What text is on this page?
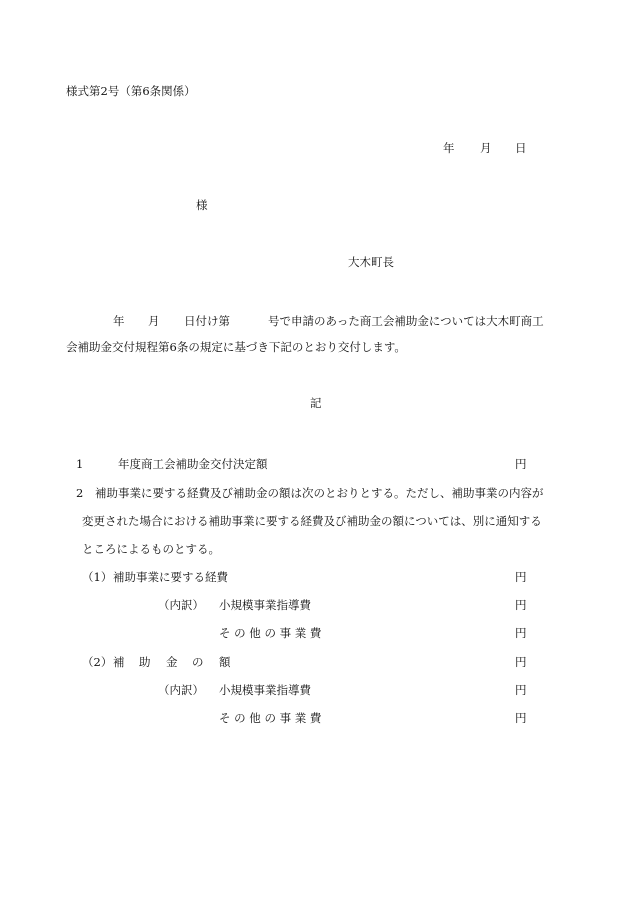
様式第2号（第6条関係）
年 月 日
様
大木町長
年 月 日付け第	号で申請のあった商工会補助金については大木町商工
会補助金交付規程第6条の規定に基づき下記のとおり交付します。
記
1	年度商工会補助金交付決定額	円
2 補助事業に要する経費及び補助金の額は次のとおりとする。ただし、補助事業の内容が
変更された場合における補助事業に要する経費及び補助金の額については、別に通知する
ところによるものとする。
（1） 補助事業に要する経費	円
（内訳） 小規模事業指導費	円
そ の 他 の 事 業 費	円
（2） 補 助 金 の 額	円
（内訳） 小規模事業指導費	円
そ の 他 の 事 業 費	円
